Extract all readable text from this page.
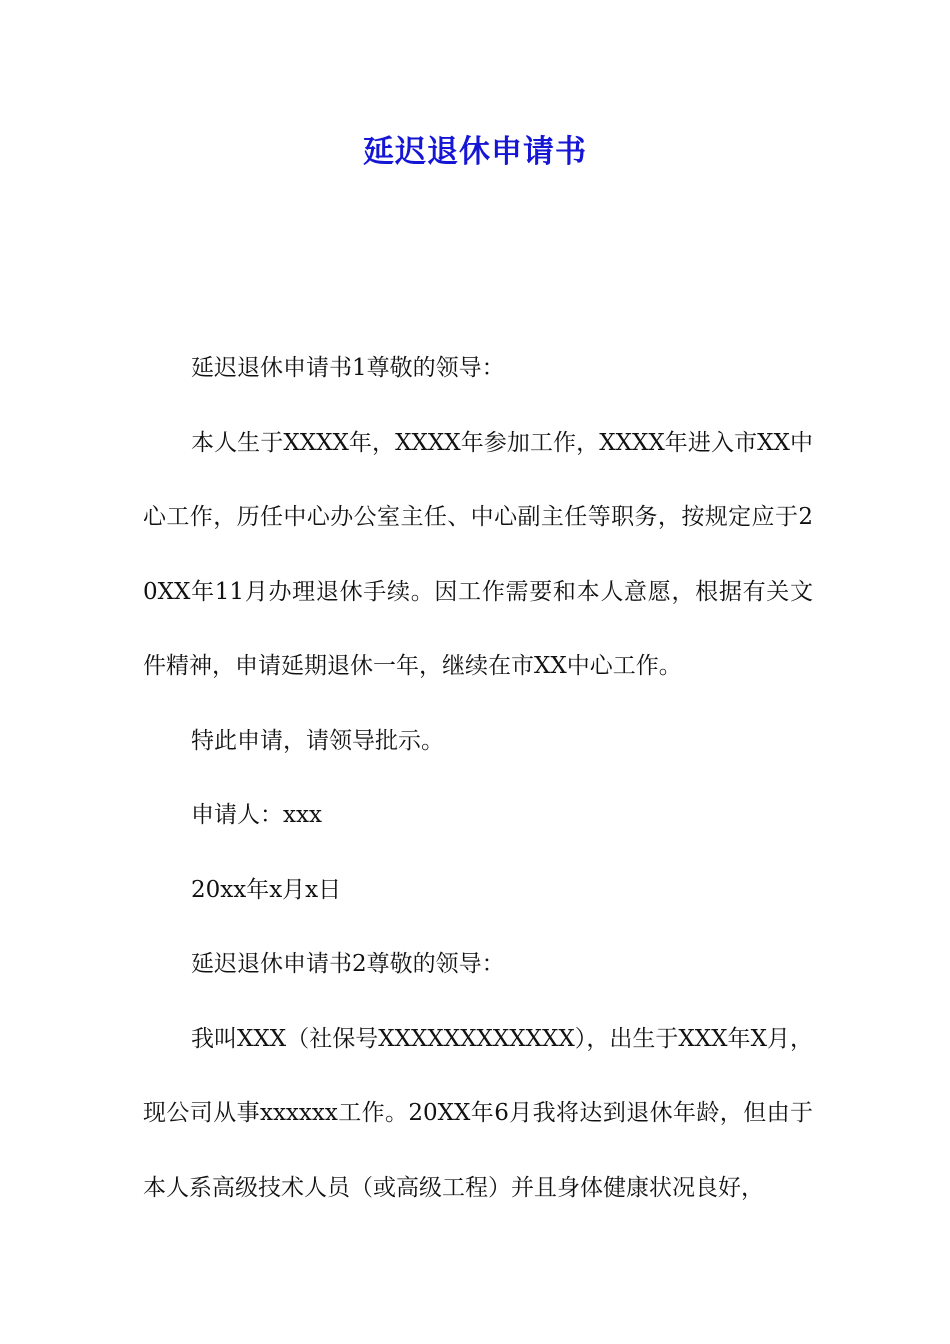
延迟退休申请书

延迟退休申请书1尊敬的领导：

本人生于XXXX年，XXXX年参加工作，XXXX年进入市XX中心工作，历任中心办公室主任、中心副主任等职务，按规定应于20XX年11月办理退休手续。因工作需要和本人意愿，根据有关文件精神，申请延期退休一年，继续在市XX中心工作。

特此申请，请领导批示。

申请人：xxx

20xx年x月x日

延迟退休申请书2尊敬的领导：

我叫XXX（社保号XXXXXXXXXXXX），出生于XXX年X月，现公司从事xxxxxx工作。20XX年6月我将达到退休年龄，但由于本人系高级技术人员（或高级工程）并且身体健康状况良好，
